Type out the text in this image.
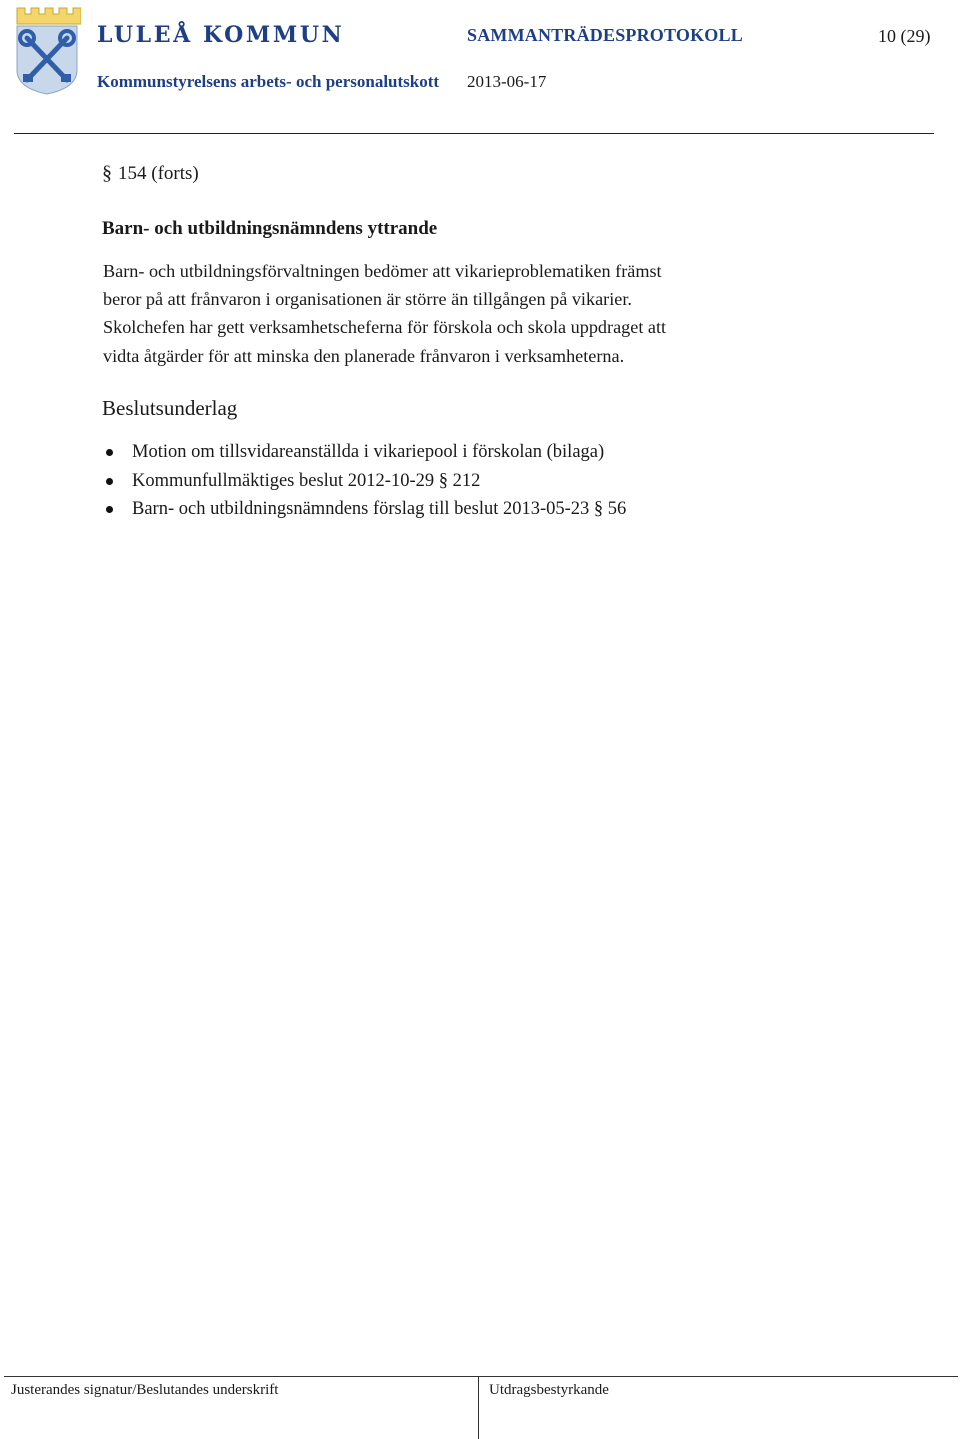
LULEÅ KOMMUN	SAMMANTRÄDESPROTOKOLL	10 (29)
Kommunstyrelsens arbets- och personalutskott 2013-06-17
§ 154 (forts)
Barn- och utbildningsnämndens yttrande

Barn- och utbildningsförvaltningen bedömer att vikarieproblematiken främst
beror på att frånvaron i organisationen är större än tillgången på vikarier.
Skolchefen har gett verksamhetscheferna för förskola och skola uppdraget att
vidta åtgärder för att minska den planerade frånvaron i verksamheterna.

Beslutsunderlag
Motion om tillsvidareanställda i vikariepool i förskolan (bilaga)
Kommunfullmäktiges beslut 2012-10-29 § 212
Barn- och utbildningsnämndens förslag till beslut 2013-05-23 § 56
Justerandes signatur/Beslutandes underskrift	Utdragsbestyrkande
